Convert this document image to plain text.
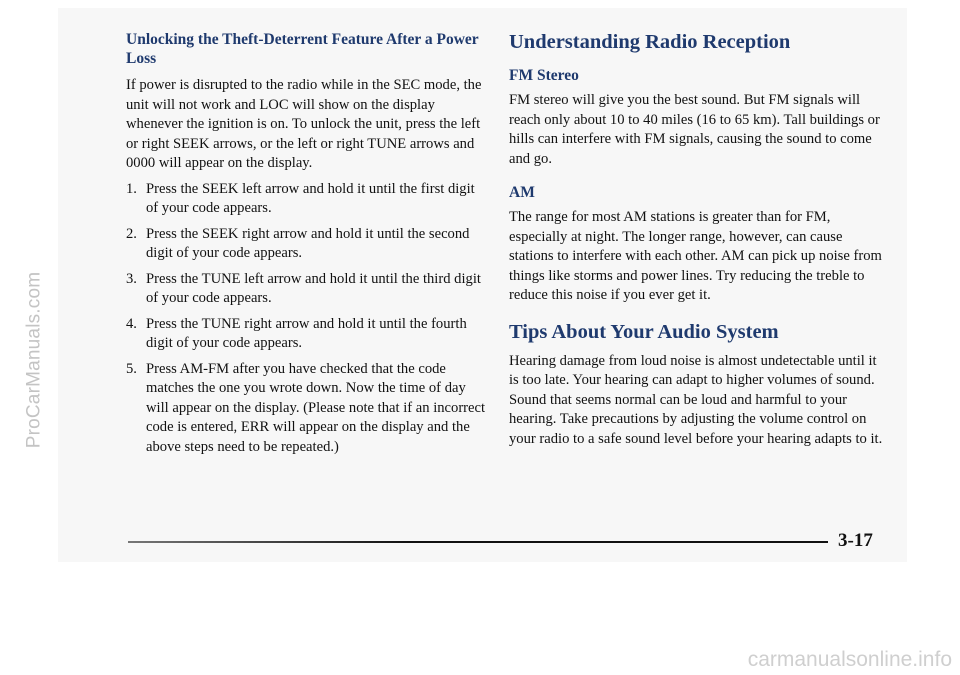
ProCarManuals.com
Unlocking the Theft-Deterrent Feature After a Power Loss

If power is disrupted to the radio while in the SEC mode, the unit will not work and LOC will show on the display whenever the ignition is on. To unlock the unit, press the left or right SEEK arrows, or the left or right TUNE arrows and 0000 will appear on the display.

1. Press the SEEK left arrow and hold it until the first digit of your code appears.
2. Press the SEEK right arrow and hold it until the second digit of your code appears.
3. Press the TUNE left arrow and hold it until the third digit of your code appears.
4. Press the TUNE right arrow and hold it until the fourth digit of your code appears.
5. Press AM-FM after you have checked that the code matches the one you wrote down. Now the time of day will appear on the display. (Please note that if an incorrect code is entered, ERR will appear on the display and the above steps need to be repeated.)
Understanding Radio Reception
FM Stereo

FM stereo will give you the best sound. But FM signals will reach only about 10 to 40 miles (16 to 65 km). Tall buildings or hills can interfere with FM signals, causing the sound to come and go.

AM

The range for most AM stations is greater than for FM, especially at night. The longer range, however, can cause stations to interfere with each other. AM can pick up noise from things like storms and power lines. Try reducing the treble to reduce this noise if you ever get it.

Tips About Your Audio System

Hearing damage from loud noise is almost undetectable until it is too late. Your hearing can adapt to higher volumes of sound. Sound that seems normal can be loud and harmful to your hearing. Take precautions by adjusting the volume control on your radio to a safe sound level before your hearing adapts to it.

3-17
carmanualsonline.info
